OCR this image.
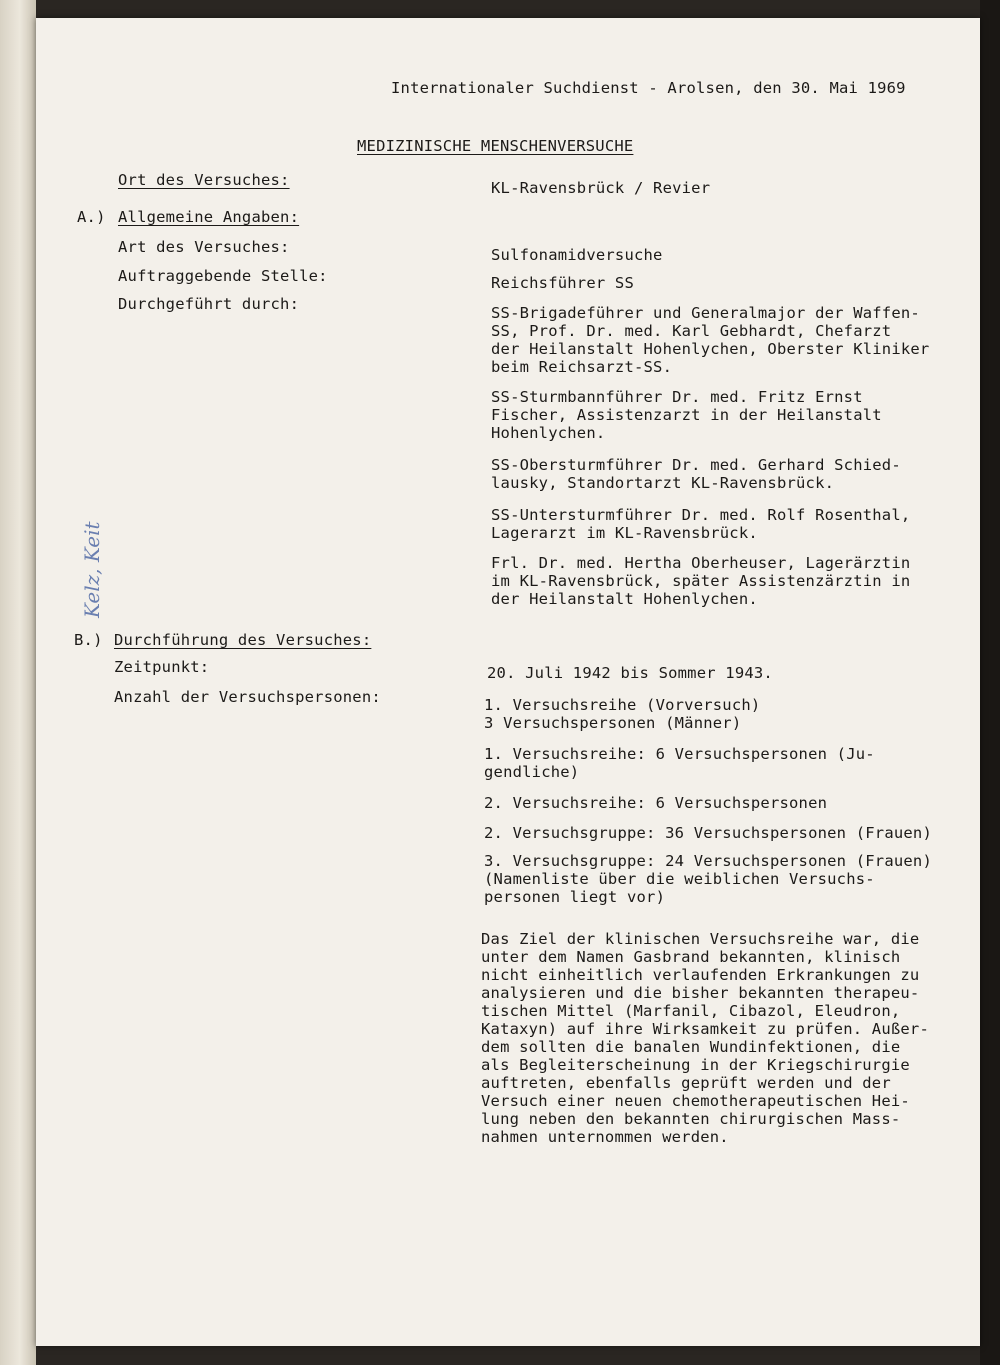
Kelz, Keit
Internationaler Suchdienst - Arolsen, den 30. Mai 1969
MEDIZINISCHE MENSCHENVERSUCHE
Ort des Versuches:	KL-Ravensbrück / Revier
A.) Allgemeine Angaben:
Art des Versuches:	Sulfonamidversuche
Auftraggebende Stelle:	Reichsführer SS
Durchgeführt durch:	SS-Brigadeführer und Generalmajor der Waffen-
SS, Prof. Dr. med. Karl Gebhardt, Chefarzt
der Heilanstalt Hohenlychen, Oberster Kliniker
beim Reichsarzt-SS.
SS-Sturmbannführer Dr. med. Fritz Ernst
Fischer, Assistenzarzt in der Heilanstalt
Hohenlychen.
SS-Obersturmführer Dr. med. Gerhard Schied-
lausky, Standortarzt KL-Ravensbrück.
SS-Untersturmführer Dr. med. Rolf Rosenthal,
Lagerarzt im KL-Ravensbrück.
Frl. Dr. med. Hertha Oberheuser, Lagerärztin
im KL-Ravensbrück, später Assistenzärztin in
der Heilanstalt Hohenlychen.
B.) Durchführung des Versuches:
Zeitpunkt:	20. Juli 1942 bis Sommer 1943.
Anzahl der Versuchspersonen:	1. Versuchsreihe (Vorversuch)
3 Versuchspersonen (Männer)
1. Versuchsreihe: 6 Versuchspersonen (Ju-
gendliche)
2. Versuchsreihe: 6 Versuchspersonen
2. Versuchsgruppe: 36 Versuchspersonen (Frauen)
3. Versuchsgruppe: 24 Versuchspersonen (Frauen)
(Namenliste über die weiblichen Versuchs-
personen liegt vor)
Das Ziel der klinischen Versuchsreihe war, die
unter dem Namen Gasbrand bekannten, klinisch
nicht einheitlich verlaufenden Erkrankungen zu
analysieren und die bisher bekannten therapeu-
tischen Mittel (Marfanil, Cibazol, Eleudron,
Kataxyn) auf ihre Wirksamkeit zu prüfen. Außer-
dem sollten die banalen Wundinfektionen, die
als Begleiterscheinung in der Kriegschirurgie
auftreten, ebenfalls geprüft werden und der
Versuch einer neuen chemotherapeutischen Hei-
lung neben den bekannten chirurgischen Mass-
nahmen unternommen werden.
